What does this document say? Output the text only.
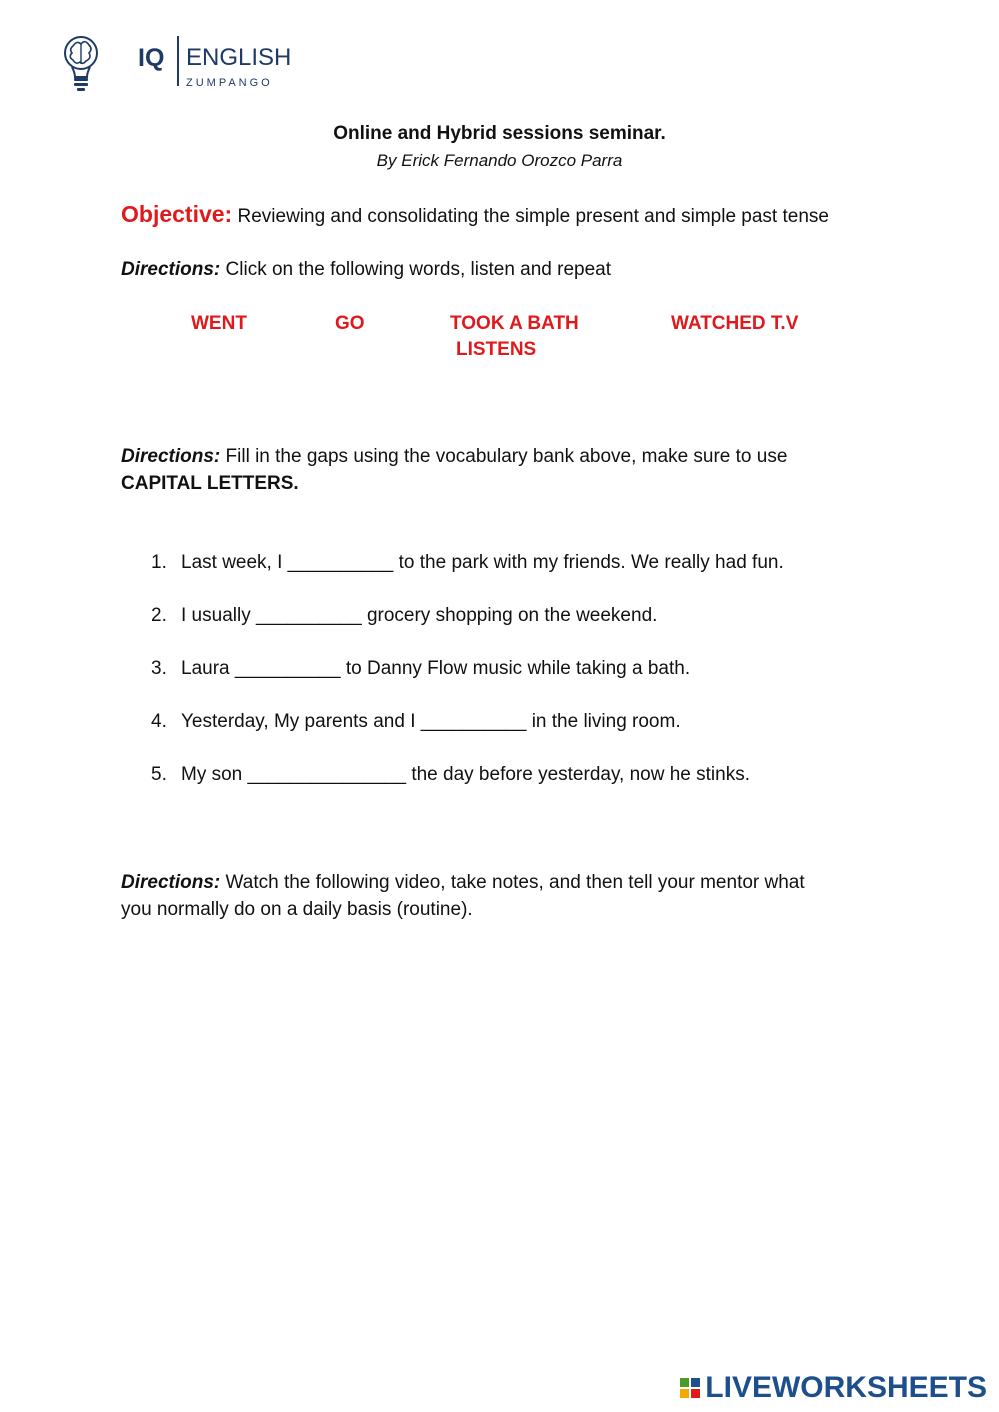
IQ ENGLISH
ZUMPANGO
Online and Hybrid sessions seminar.
By Erick Fernando Orozco Parra
Objective: Reviewing and consolidating the simple present and simple past tense
Directions: Click on the following words, listen and repeat
WENT	GO	TOOK A BATH	WATCHED T.V
LISTENS
Directions: Fill in the gaps using the vocabulary bank above, make sure to use
CAPITAL LETTERS.
1. Last week, I __________ to the park with my friends. We really had fun.
2. I usually __________ grocery shopping on the weekend.
3. Laura __________ to Danny Flow music while taking a bath.
4. Yesterday, My parents and I __________ in the living room.
5. My son _______________ the day before yesterday, now he stinks.
Directions: Watch the following video, take notes, and then tell your mentor what
you normally do on a daily basis (routine).
LIVEWORKSHEETS
